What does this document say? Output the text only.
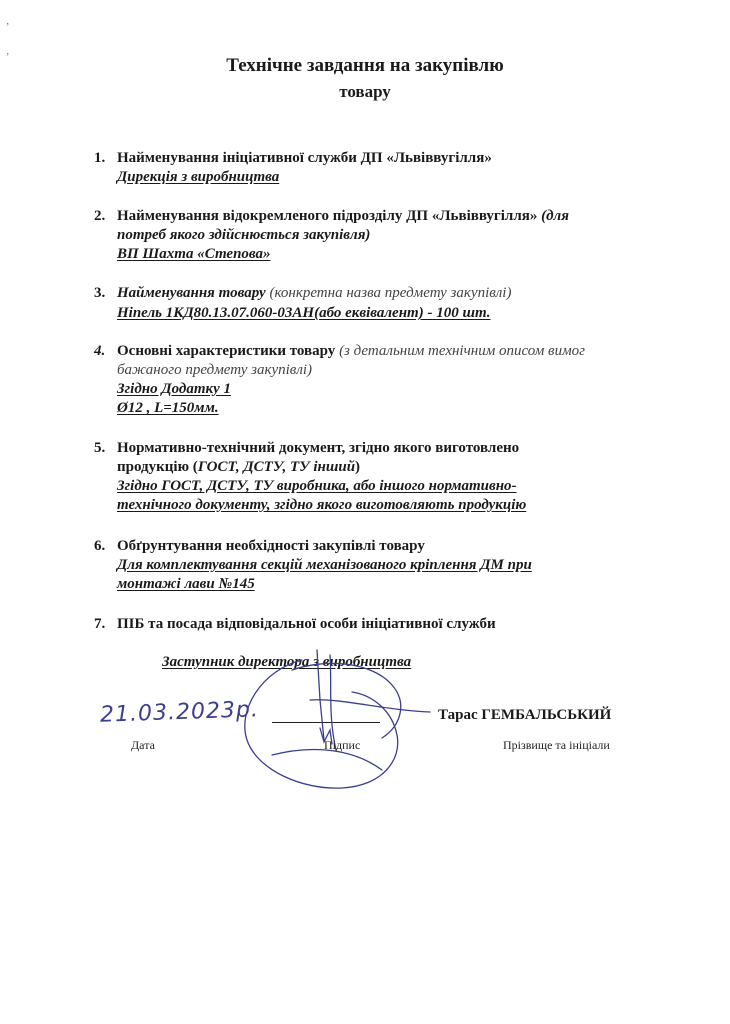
Технічне завдання на закупівлю
товару
1. Найменування ініціативної служби ДП «Львіввугілля»
Дирекція з виробництва
2. Найменування відокремленого підрозділу ДП «Львіввугілля» (для
потреб якого здійснюється закупівля)
ВП Шахта «Степова»
3. Найменування товару (конкретна назва предмету закупівлі)
Ніпель 1КД80.13.07.060-03АН(або еквівалент) - 100 шт.
4. Основні характеристики товару (з детальним технічним описом вимог
бажаного предмету закупівлі)
Згідно Додатку 1
Ø12 , L=150мм.
5. Нормативно-технічний документ, згідно якого виготовлено
продукцію (ГОСТ, ДСТУ, ТУ інший)
Згідно ГОСТ, ДСТУ, ТУ виробника, або іншого нормативно-
технічного документу, згідно якого виготовляють продукцію
6. Обґрунтування необхідності закупівлі товару
Для комплектування секцій механізованого кріплення ДМ при
монтажі лави №145
7. ПІБ та посада відповідальної особи ініціативної служби
Заступник директора з виробництва
21.03.2023р.	Тарас ГЕМБАЛЬСЬКИЙ
Дата	Підпис	Прізвище та ініціали
ʼ
ʼ
